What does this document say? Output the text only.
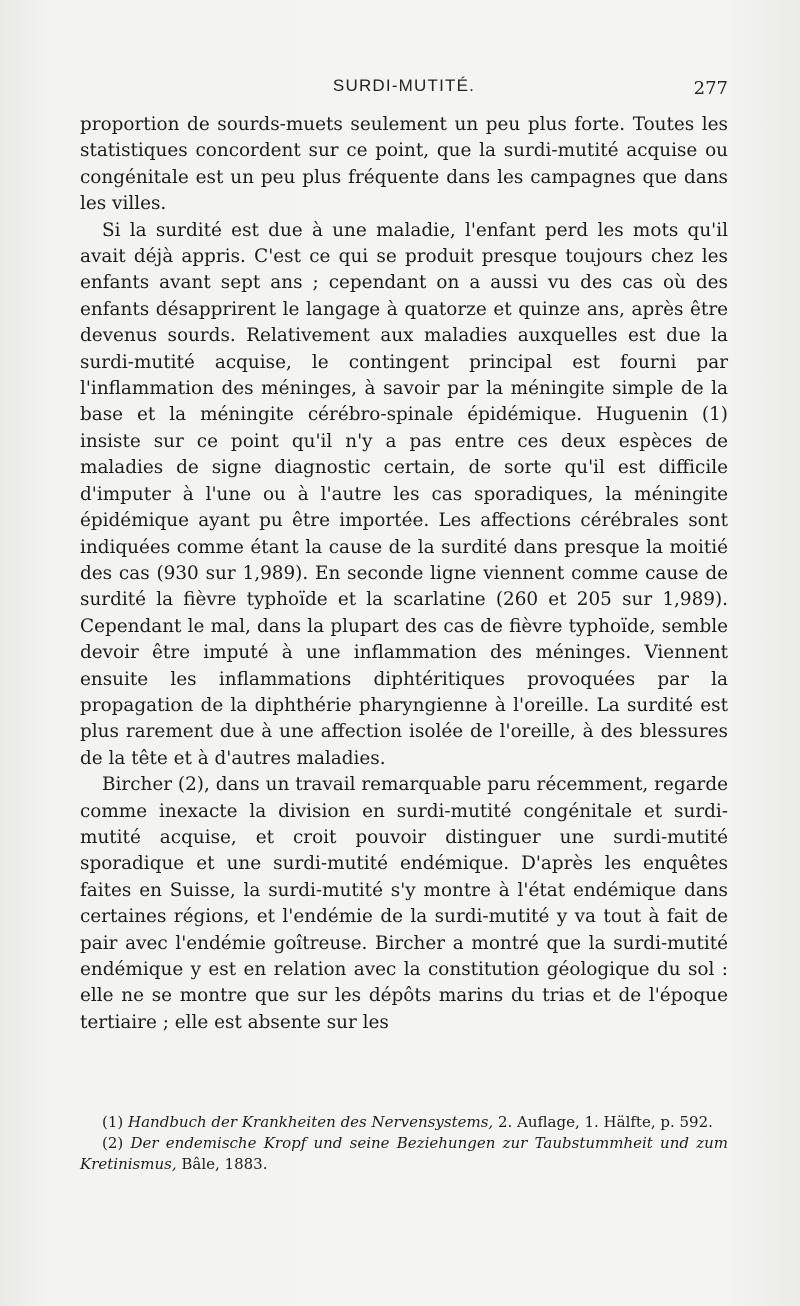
SURDI-MUTITÉ.	277

proportion de sourds-muets seulement un peu plus forte. Toutes les statistiques concordent sur ce point, que la surdi-mutité acquise ou congénitale est un peu plus fréquente dans les campagnes que dans les villes.

Si la surdité est due à une maladie, l'enfant perd les mots qu'il avait déjà appris. C'est ce qui se produit presque toujours chez les enfants avant sept ans ; cependant on a aussi vu des cas où des enfants désapprirent le langage à quatorze et quinze ans, après être devenus sourds. Relativement aux maladies auxquelles est due la surdi-mutité acquise, le contingent principal est fourni par l'inflammation des méninges, à savoir par la méningite simple de la base et la méningite cérébro-spinale épidémique. Huguenin (1) insiste sur ce point qu'il n'y a pas entre ces deux espèces de maladies de signe diagnostic certain, de sorte qu'il est difficile d'imputer à l'une ou à l'autre les cas sporadiques, la méningite épidémique ayant pu être importée. Les affections cérébrales sont indiquées comme étant la cause de la surdité dans presque la moitié des cas (930 sur 1,989). En seconde ligne viennent comme cause de surdité la fièvre typhoïde et la scarlatine (260 et 205 sur 1,989). Cependant le mal, dans la plupart des cas de fièvre typhoïde, semble devoir être imputé à une inflammation des méninges. Viennent ensuite les inflammations diphtéritiques provoquées par la propagation de la diphthérie pharyngienne à l'oreille. La surdité est plus rarement due à une affection isolée de l'oreille, à des blessures de la tête et à d'autres maladies.

Bircher (2), dans un travail remarquable paru récemment, regarde comme inexacte la division en surdi-mutité congénitale et surdi-mutité acquise, et croit pouvoir distinguer une surdi-mutité sporadique et une surdi-mutité endémique. D'après les enquêtes faites en Suisse, la surdi-mutité s'y montre à l'état endémique dans certaines régions, et l'endémie de la surdi-mutité y va tout à fait de pair avec l'endémie goîtreuse. Bircher a montré que la surdi-mutité endémique y est en relation avec la constitution géologique du sol : elle ne se montre que sur les dépôts marins du trias et de l'époque tertiaire ; elle est absente sur les

(1) Handbuch der Krankheiten des Nervensystems, 2. Auflage, 1. Hälfte, p. 592.

(2) Der endemische Kropf und seine Beziehungen zur Taubstummheit und zum Kretinismus, Bâle, 1883.
